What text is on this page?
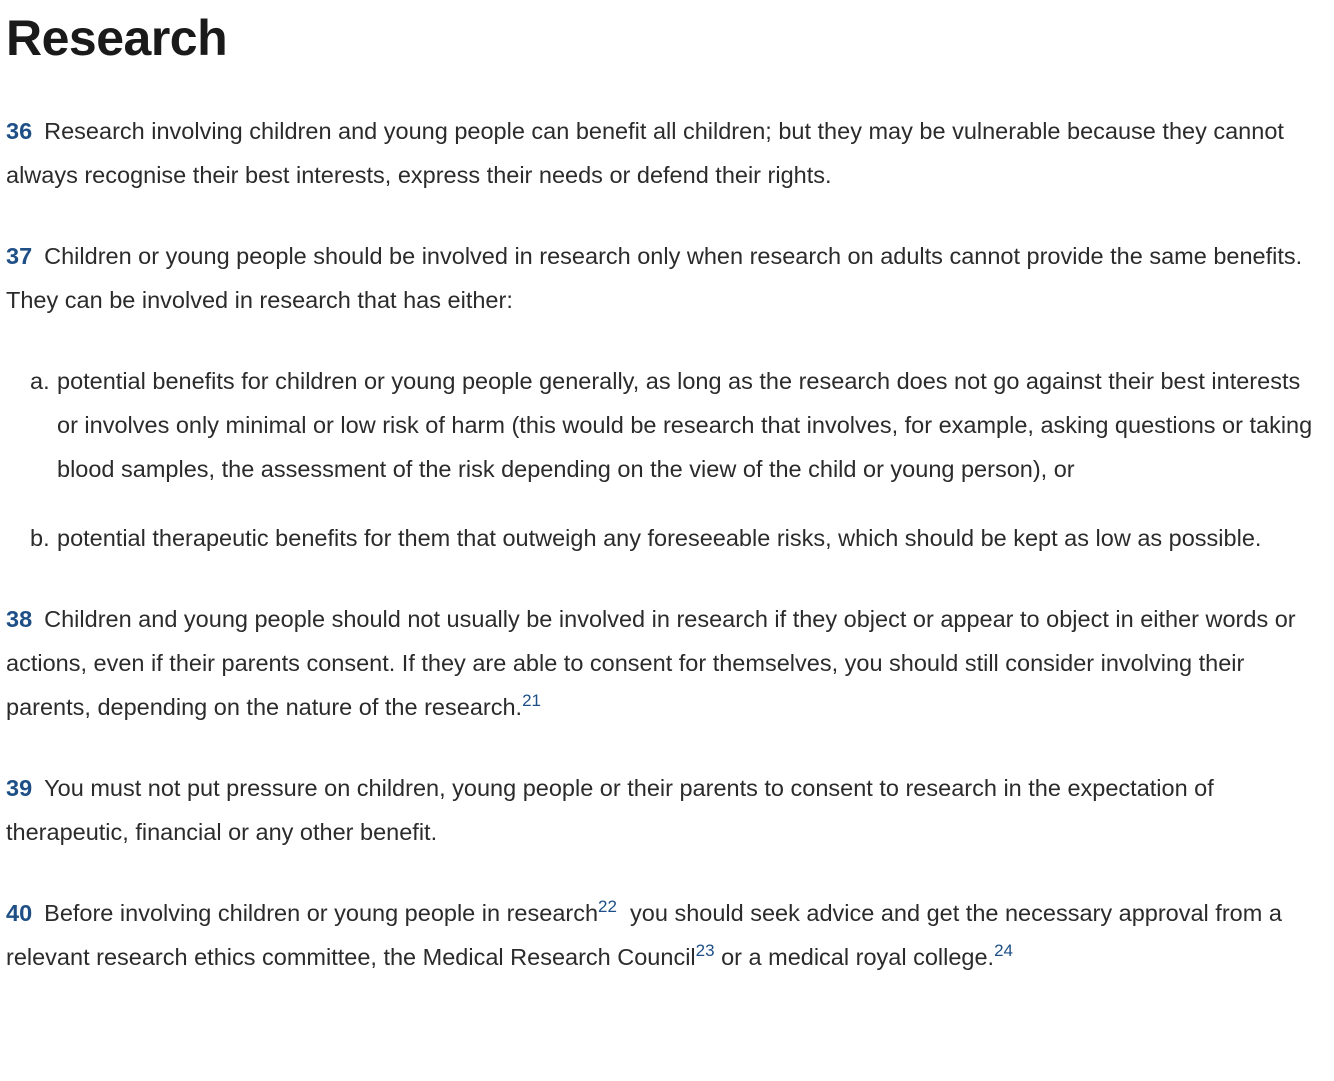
Research

36 Research involving children and young people can benefit all children; but they may be vulnerable because they cannot always recognise their best interests, express their needs or defend their rights.

37 Children or young people should be involved in research only when research on adults cannot provide the same benefits. They can be involved in research that has either:

a. potential benefits for children or young people generally, as long as the research does not go against their best interests or involves only minimal or low risk of harm (this would be research that involves, for example, asking questions or taking blood samples, the assessment of the risk depending on the view of the child or young person), or
b. potential therapeutic benefits for them that outweigh any foreseeable risks, which should be kept as low as possible.

38 Children and young people should not usually be involved in research if they object or appear to object in either words or actions, even if their parents consent. If they are able to consent for themselves, you should still consider involving their parents, depending on the nature of the research.$^{21}$

39 You must not put pressure on children, young people or their parents to consent to research in the expectation of therapeutic, financial or any other benefit.

40 Before involving children or young people in research$^{22}$  you should seek advice and get the necessary approval from a relevant research ethics committee, the Medical Research Council$^{23}$ or a medical royal college.$^{24}$
